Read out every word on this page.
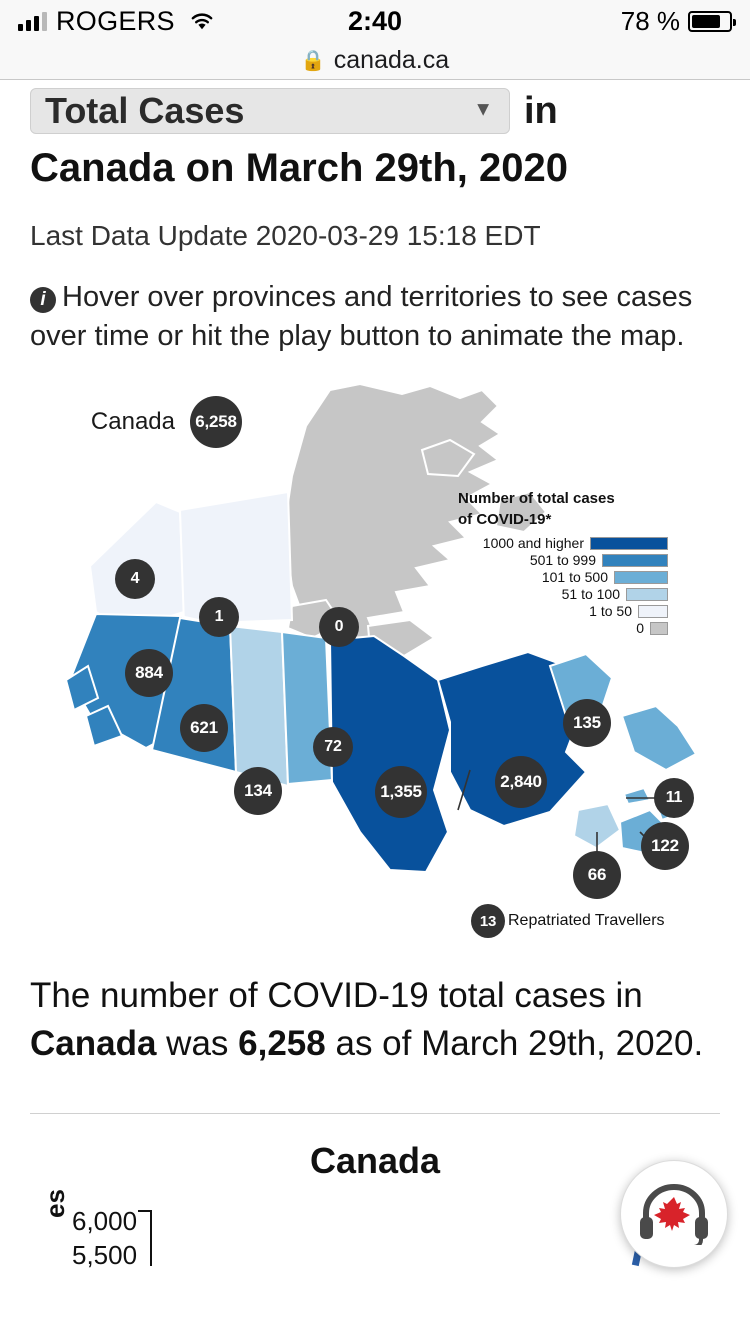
ROGERS	2:40	78 %
🔒 canada.ca
Total Cases	▼ in
Canada on March 29th, 2020
Last Data Update 2020-03-29 15:18 EDT
i Hover over provinces and territories to see cases over time or hit the play button to animate the map.
Number of total cases
of COVID-19*
1000 and higher
501 to 999
101 to 500
51 to 100
1 to 50
0
Canada	6,258
4
1
0
884
621
134
72
1,355
2,840
135
11
122
66
13 Repatriated Travellers
The number of COVID-19 total cases in Canada was 6,258 as of March 29th, 2020.
Canada
es
6,000
5,500
